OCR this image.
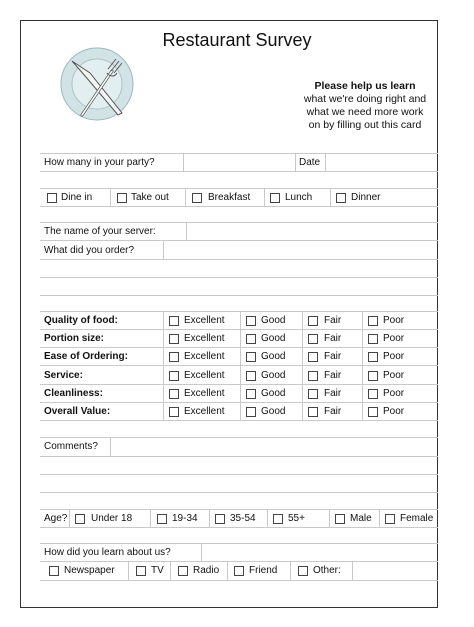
Restaurant Survey
Please help us learn
what we're doing right and
what we need more work
on by filling out this card
How many in your party?	Date
Dine in	Take out	Breakfast	Lunch	Dinner
The name of your server:
What did you order?
Quality of food:	Excellent	Good	Fair	Poor
Portion size:	Excellent	Good	Fair	Poor
Ease of Ordering:	Excellent	Good	Fair	Poor
Service:	Excellent	Good	Fair	Poor
Cleanliness:	Excellent	Good	Fair	Poor
Overall Value:	Excellent	Good	Fair	Poor
Comments?
Age? Under 18	19-34	35-54	55+	Male	Female
How did you learn about us?
Newspaper	TV	Radio	Friend	Other:
